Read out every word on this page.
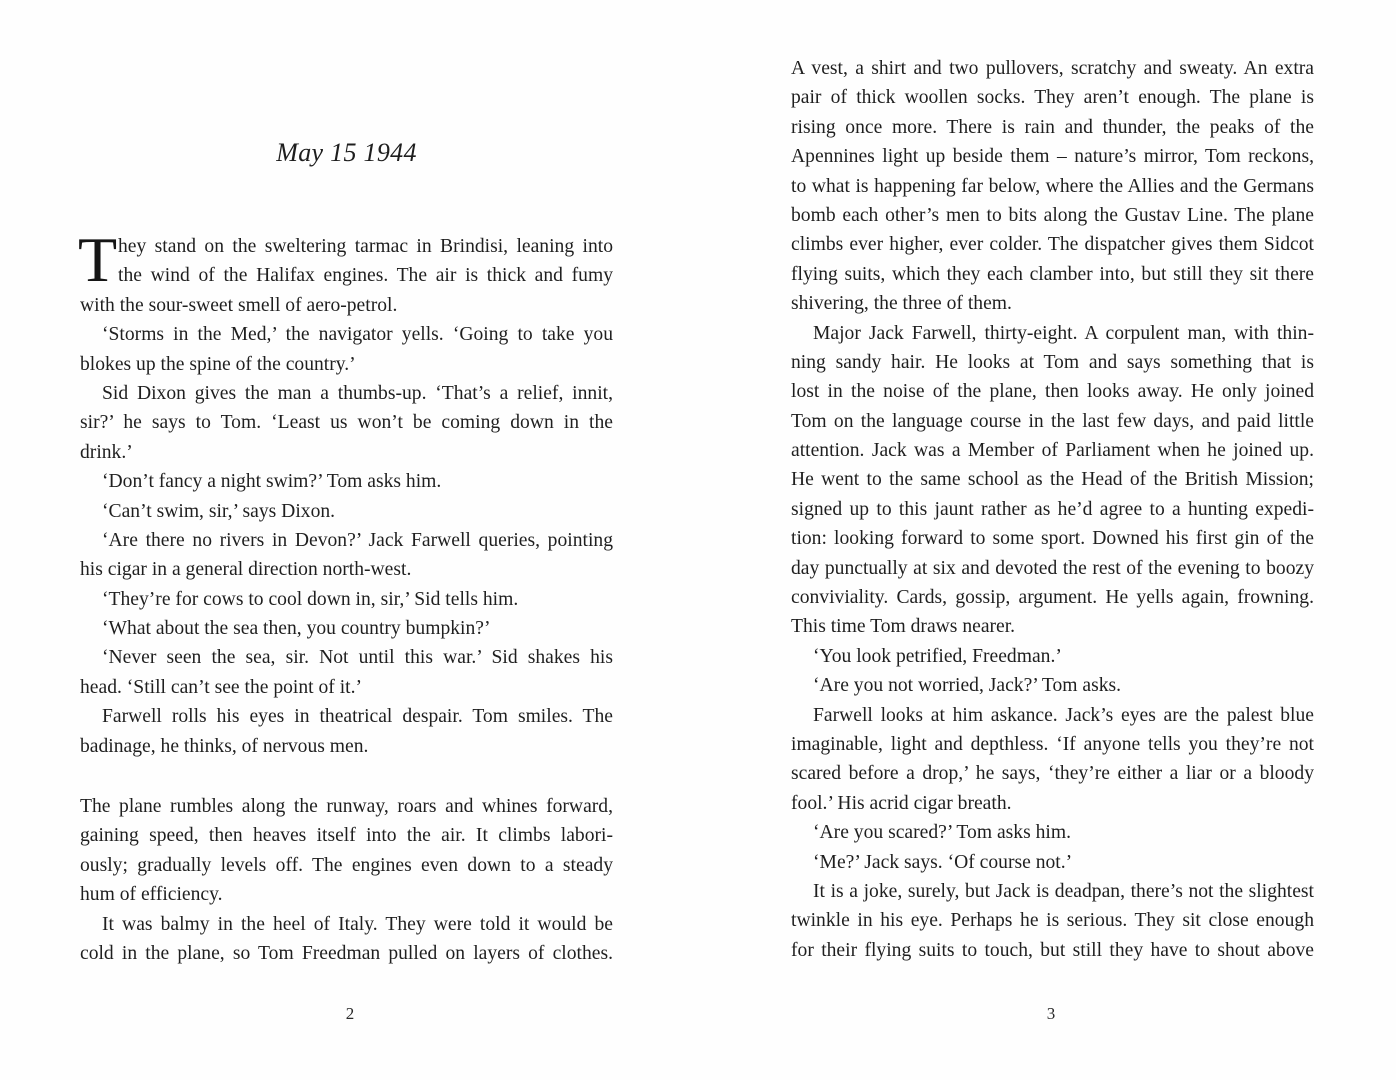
May 15 1944
T hey stand on the sweltering tarmac in Brindisi, leaning into
the wind of the Halifax engines. The air is thick and fumy
with the sour-sweet smell of aero-petrol.
‘Storms in the Med,’ the navigator yells. ‘Going to take you
blokes up the spine of the country.’
Sid Dixon gives the man a thumbs-up. ‘That’s a relief, innit,
sir?’ he says to Tom. ‘Least us won’t be coming down in the
drink.’
‘Don’t fancy a night swim?’ Tom asks him.
‘Can’t swim, sir,’ says Dixon.
‘Are there no rivers in Devon?’ Jack Farwell queries, pointing
his cigar in a general direction north-west.
‘They’re for cows to cool down in, sir,’ Sid tells him.
‘What about the sea then, you country bumpkin?’
‘Never seen the sea, sir. Not until this war.’ Sid shakes his
head. ‘Still can’t see the point of it.’
Farwell rolls his eyes in theatrical despair. Tom smiles. The
badinage, he thinks, of nervous men.
The plane rumbles along the runway, roars and whines forward,
gaining speed, then heaves itself into the air. It climbs labori-
ously; gradually levels off. The engines even down to a steady
hum of efficiency.
It was balmy in the heel of Italy. They were told it would be
cold in the plane, so Tom Freedman pulled on layers of clothes.
2
A vest, a shirt and two pullovers, scratchy and sweaty. An extra
pair of thick woollen socks. They aren’t enough. The plane is
rising once more. There is rain and thunder, the peaks of the
Apennines light up beside them – nature’s mirror, Tom reckons,
to what is happening far below, where the Allies and the Germans
bomb each other’s men to bits along the Gustav Line. The plane
climbs ever higher, ever colder. The dispatcher gives them Sidcot
flying suits, which they each clamber into, but still they sit there
shivering, the three of them.
Major Jack Farwell, thirty-eight. A corpulent man, with thin-
ning sandy hair. He looks at Tom and says something that is
lost in the noise of the plane, then looks away. He only joined
Tom on the language course in the last few days, and paid little
attention. Jack was a Member of Parliament when he joined up.
He went to the same school as the Head of the British Mission;
signed up to this jaunt rather as he’d agree to a hunting expedi-
tion: looking forward to some sport. Downed his first gin of the
day punctually at six and devoted the rest of the evening to boozy
conviviality. Cards, gossip, argument. He yells again, frowning.
This time Tom draws nearer.
‘You look petrified, Freedman.’
‘Are you not worried, Jack?’ Tom asks.
Farwell looks at him askance. Jack’s eyes are the palest blue
imaginable, light and depthless. ‘If anyone tells you they’re not
scared before a drop,’ he says, ‘they’re either a liar or a bloody
fool.’ His acrid cigar breath.
‘Are you scared?’ Tom asks him.
‘Me?’ Jack says. ‘Of course not.’
It is a joke, surely, but Jack is deadpan, there’s not the slightest
twinkle in his eye. Perhaps he is serious. They sit close enough
for their flying suits to touch, but still they have to shout above
3
